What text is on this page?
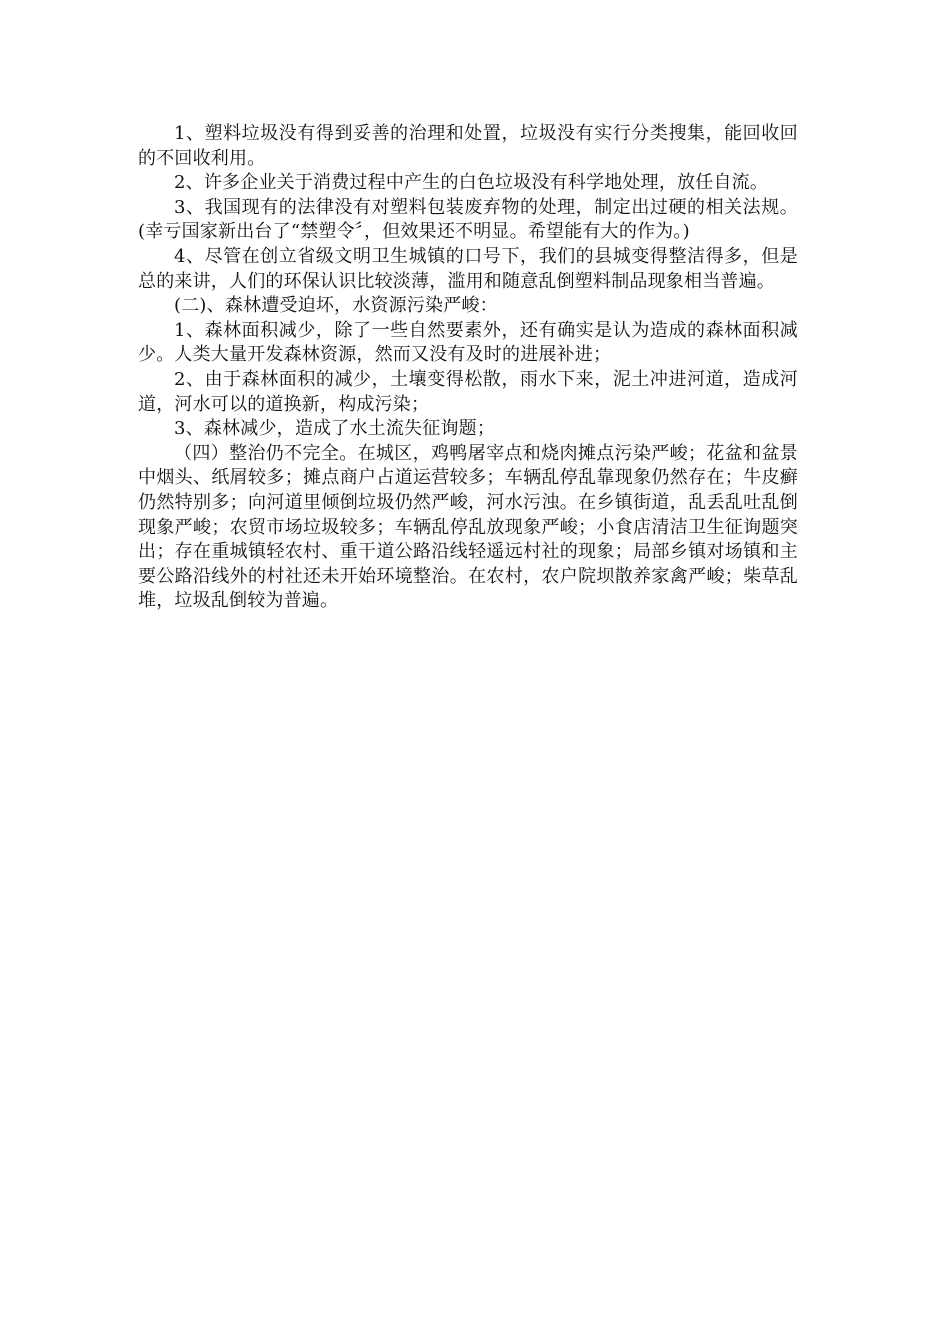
1、塑料垃圾没有得到妥善的治理和处置，垃圾没有实行分类搜集，能回收回的不回收利用。

2、许多企业关于消费过程中产生的白色垃圾没有科学地处理，放任自流。

3、我国现有的法律没有对塑料包装废弃物的处理，制定出过硬的相关法规。(幸亏国家新出台了“禁塑令〞，但效果还不明显。希望能有大的作为。)

4、尽管在创立省级文明卫生城镇的口号下，我们的县城变得整洁得多，但是总的来讲，人们的环保认识比较淡薄，滥用和随意乱倒塑料制品现象相当普遍。

(二)、森林遭受迫坏，水资源污染严峻：

1、森林面积减少，除了一些自然要素外，还有确实是认为造成的森林面积减少。人类大量开发森林资源，然而又没有及时的进展补进；

2、由于森林面积的减少，土壤变得松散，雨水下来，泥土冲进河道，造成河道，河水可以的道换新，构成污染；

3、森林减少，造成了水土流失征询题；

（四）整治仍不完全。在城区，鸡鸭屠宰点和烧肉摊点污染严峻；花盆和盆景中烟头、纸屑较多；摊点商户占道运营较多；车辆乱停乱靠现象仍然存在；牛皮癣仍然特别多；向河道里倾倒垃圾仍然严峻，河水污浊。在乡镇街道，乱丢乱吐乱倒现象严峻；农贸市场垃圾较多；车辆乱停乱放现象严峻；小食店清洁卫生征询题突出；存在重城镇轻农村、重干道公路沿线轻遥远村社的现象；局部乡镇对场镇和主要公路沿线外的村社还未开始环境整治。在农村，农户院坝散养家禽严峻；柴草乱堆，垃圾乱倒较为普遍。
